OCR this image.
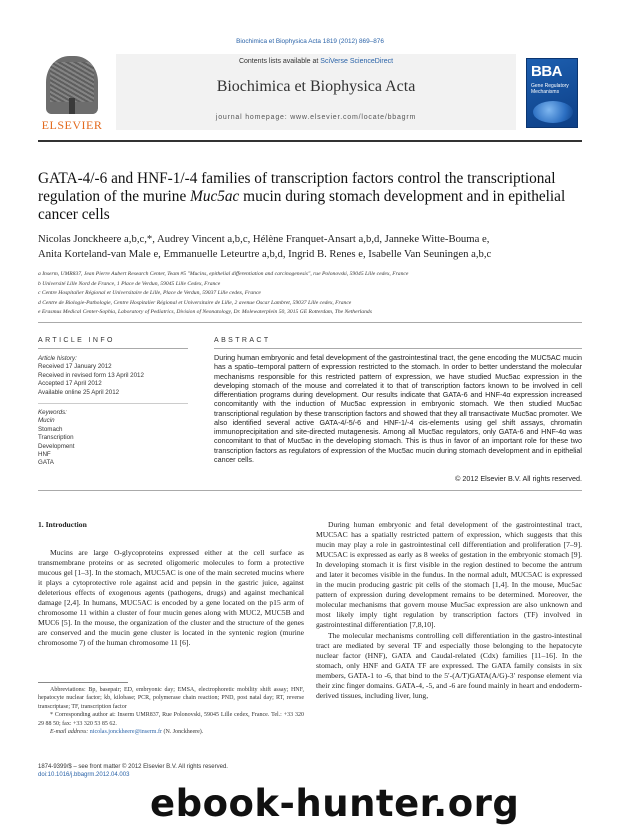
Biochimica et Biophysica Acta 1819 (2012) 869–876
ELSEVIER
Contents lists available at SciVerse ScienceDirect
Biochimica et Biophysica Acta
journal homepage: www.elsevier.com/locate/bbagrm
BBA
Gene Regulatory Mechanisms
GATA-4/-6 and HNF-1/-4 families of transcription factors control the transcriptional regulation of the murine Muc5ac mucin during stomach development and in epithelial cancer cells
Nicolas Jonckheere a,b,c,*, Audrey Vincent a,b,c, Hélène Franquet-Ansart a,b,d, Janneke Witte-Bouma e,
Anita Korteland-van Male e, Emmanuelle Leteurtre a,b,d, Ingrid B. Renes e, Isabelle Van Seuningen a,b,c
a Inserm, UMR837, Jean Pierre Aubert Research Center, Team #5 "Mucins, epithelial differentiation and carcinogenesis", rue Polonovski, 59045 Lille cedex, France
b Université Lille Nord de France, 1 Place de Verdun, 59045 Lille Cedex, France
c Centre Hospitalier Régional et Universitaire de Lille, Place de Verdun, 59037 Lille cedex, France
d Centre de Biologie-Pathologie, Centre Hospitalier Régional et Universitaire de Lille, 2 avenue Oscar Lambret, 59037 Lille cedex, France
e Erasmus Medical Center-Sophia, Laboratory of Pediatrics, Division of Neonatology, Dr. Molewaterplein 50, 3015 GE Rotterdam, The Netherlands
ARTICLE INFO	ABSTRACT
Article history:
Received 17 January 2012
Received in revised form 13 April 2012
Accepted 17 April 2012
Available online 25 April 2012
Keywords:
Mucin
Stomach
Transcription
Development
HNF
GATA
During human embryonic and fetal development of the gastrointestinal tract, the gene encoding the MUC5AC mucin has a spatio–temporal pattern of expression restricted to the stomach. In order to better understand the molecular mechanisms responsible for this restricted pattern of expression, we have studied Muc5ac expression in the developing stomach of the mouse and correlated it to that of transcription factors known to be involved in cell differentiation programs during development. Our results indicate that GATA-6 and HNF-4α expression increased concomitantly with the induction of Muc5ac expression in embryonic stomach. We then studied Muc5ac transcriptional regulation by these transcription factors and showed that they all transactivate Muc5ac promoter. We also identified several active GATA-4/-5/-6 and HNF-1/-4 cis-elements using gel shift assays, chromatin immunoprecipitation and site-directed mutagenesis. Among all Muc5ac regulators, only GATA-6 and HNF-4α was concomitant to that of Muc5ac in the developing stomach. This is thus in favor of an important role for these two transcription factors as regulators of expression of the Muc5ac mucin during stomach development and in epithelial cancer cells.
© 2012 Elsevier B.V. All rights reserved.
1. Introduction

Mucins are large O-glycoproteins expressed either at the cell surface as transmembrane proteins or as secreted oligomeric molecules to form a protective mucous gel [1–3]. In the stomach, MUC5AC is one of the main secreted mucins where it plays a cytoprotective role against acid and pepsin in the gastric juice, against deleterious effects of exogenous agents (pathogens, drugs) and against mechanical damage [2,4]. In humans, MUC5AC is encoded by a gene located on the p15 arm of chromosome 11 within a cluster of four mucin genes along with MUC2, MUC5B and MUC6 [5]. In the mouse, the organization of the cluster and the structure of the genes are conserved and the mucin gene cluster is located in the syntenic region (murine chromosome 7) of the human chromosome 11 [6].

During human embryonic and fetal development of the gastrointestinal tract, MUC5AC has a spatially restricted pattern of expression, which suggests that this mucin may play a role in gastrointestinal cell differentiation and proliferation [7–9]. MUC5AC is expressed as early as 8 weeks of gestation in the embryonic stomach [9]. In developing stomach it is first visible in the region destined to become the antrum and later it becomes visible in the fundus. In the normal adult, MUC5AC is expressed in the mucin producing gastric pit cells of the stomach [1,4]. In the mouse, Muc5ac pattern of expression during development remains to be determined. Moreover, the molecular mechanisms that govern mouse Muc5ac expression are also unknown and most likely imply tight regulation by transcription factors (TF) involved in gastrointestinal differentiation [7,8,10].

The molecular mechanisms controlling cell differentiation in the gastro-intestinal tract are mediated by several TF and especially those belonging to the hepatocyte nuclear factor (HNF), GATA and Caudal-related (Cdx) families [11–16]. In the stomach, only HNF and GATA TF are expressed. The GATA family consists in six members, GATA-1 to -6, that bind to the 5′-(A/T)GATA(A/G)-3′ response element via their zinc finger domains. GATA-4, -5, and -6 are found mainly in heart and endoderm-derived tissues, including liver, lung,

Abbreviations: Bp, basepair; ED, embryonic day; EMSA, electrophoretic mobility shift assay; HNF, hepatocyte nuclear factor; kb, kilobase; PCR, polymerase chain reaction; PND, post natal day; RT, reverse transcriptase; TF, transcription factor

* Corresponding author at: Inserm UMR837, Rue Polonovski, 59045 Lille cedex, France. Tel.: +33 320 29 88 50; fax: +33 320 53 85 62.

E-mail address: nicolas.jonckheere@inserm.fr (N. Jonckheere).

1874-9399/$ – see front matter © 2012 Elsevier B.V. All rights reserved.
doi:10.1016/j.bbagrm.2012.04.003
ebook-hunter.org
